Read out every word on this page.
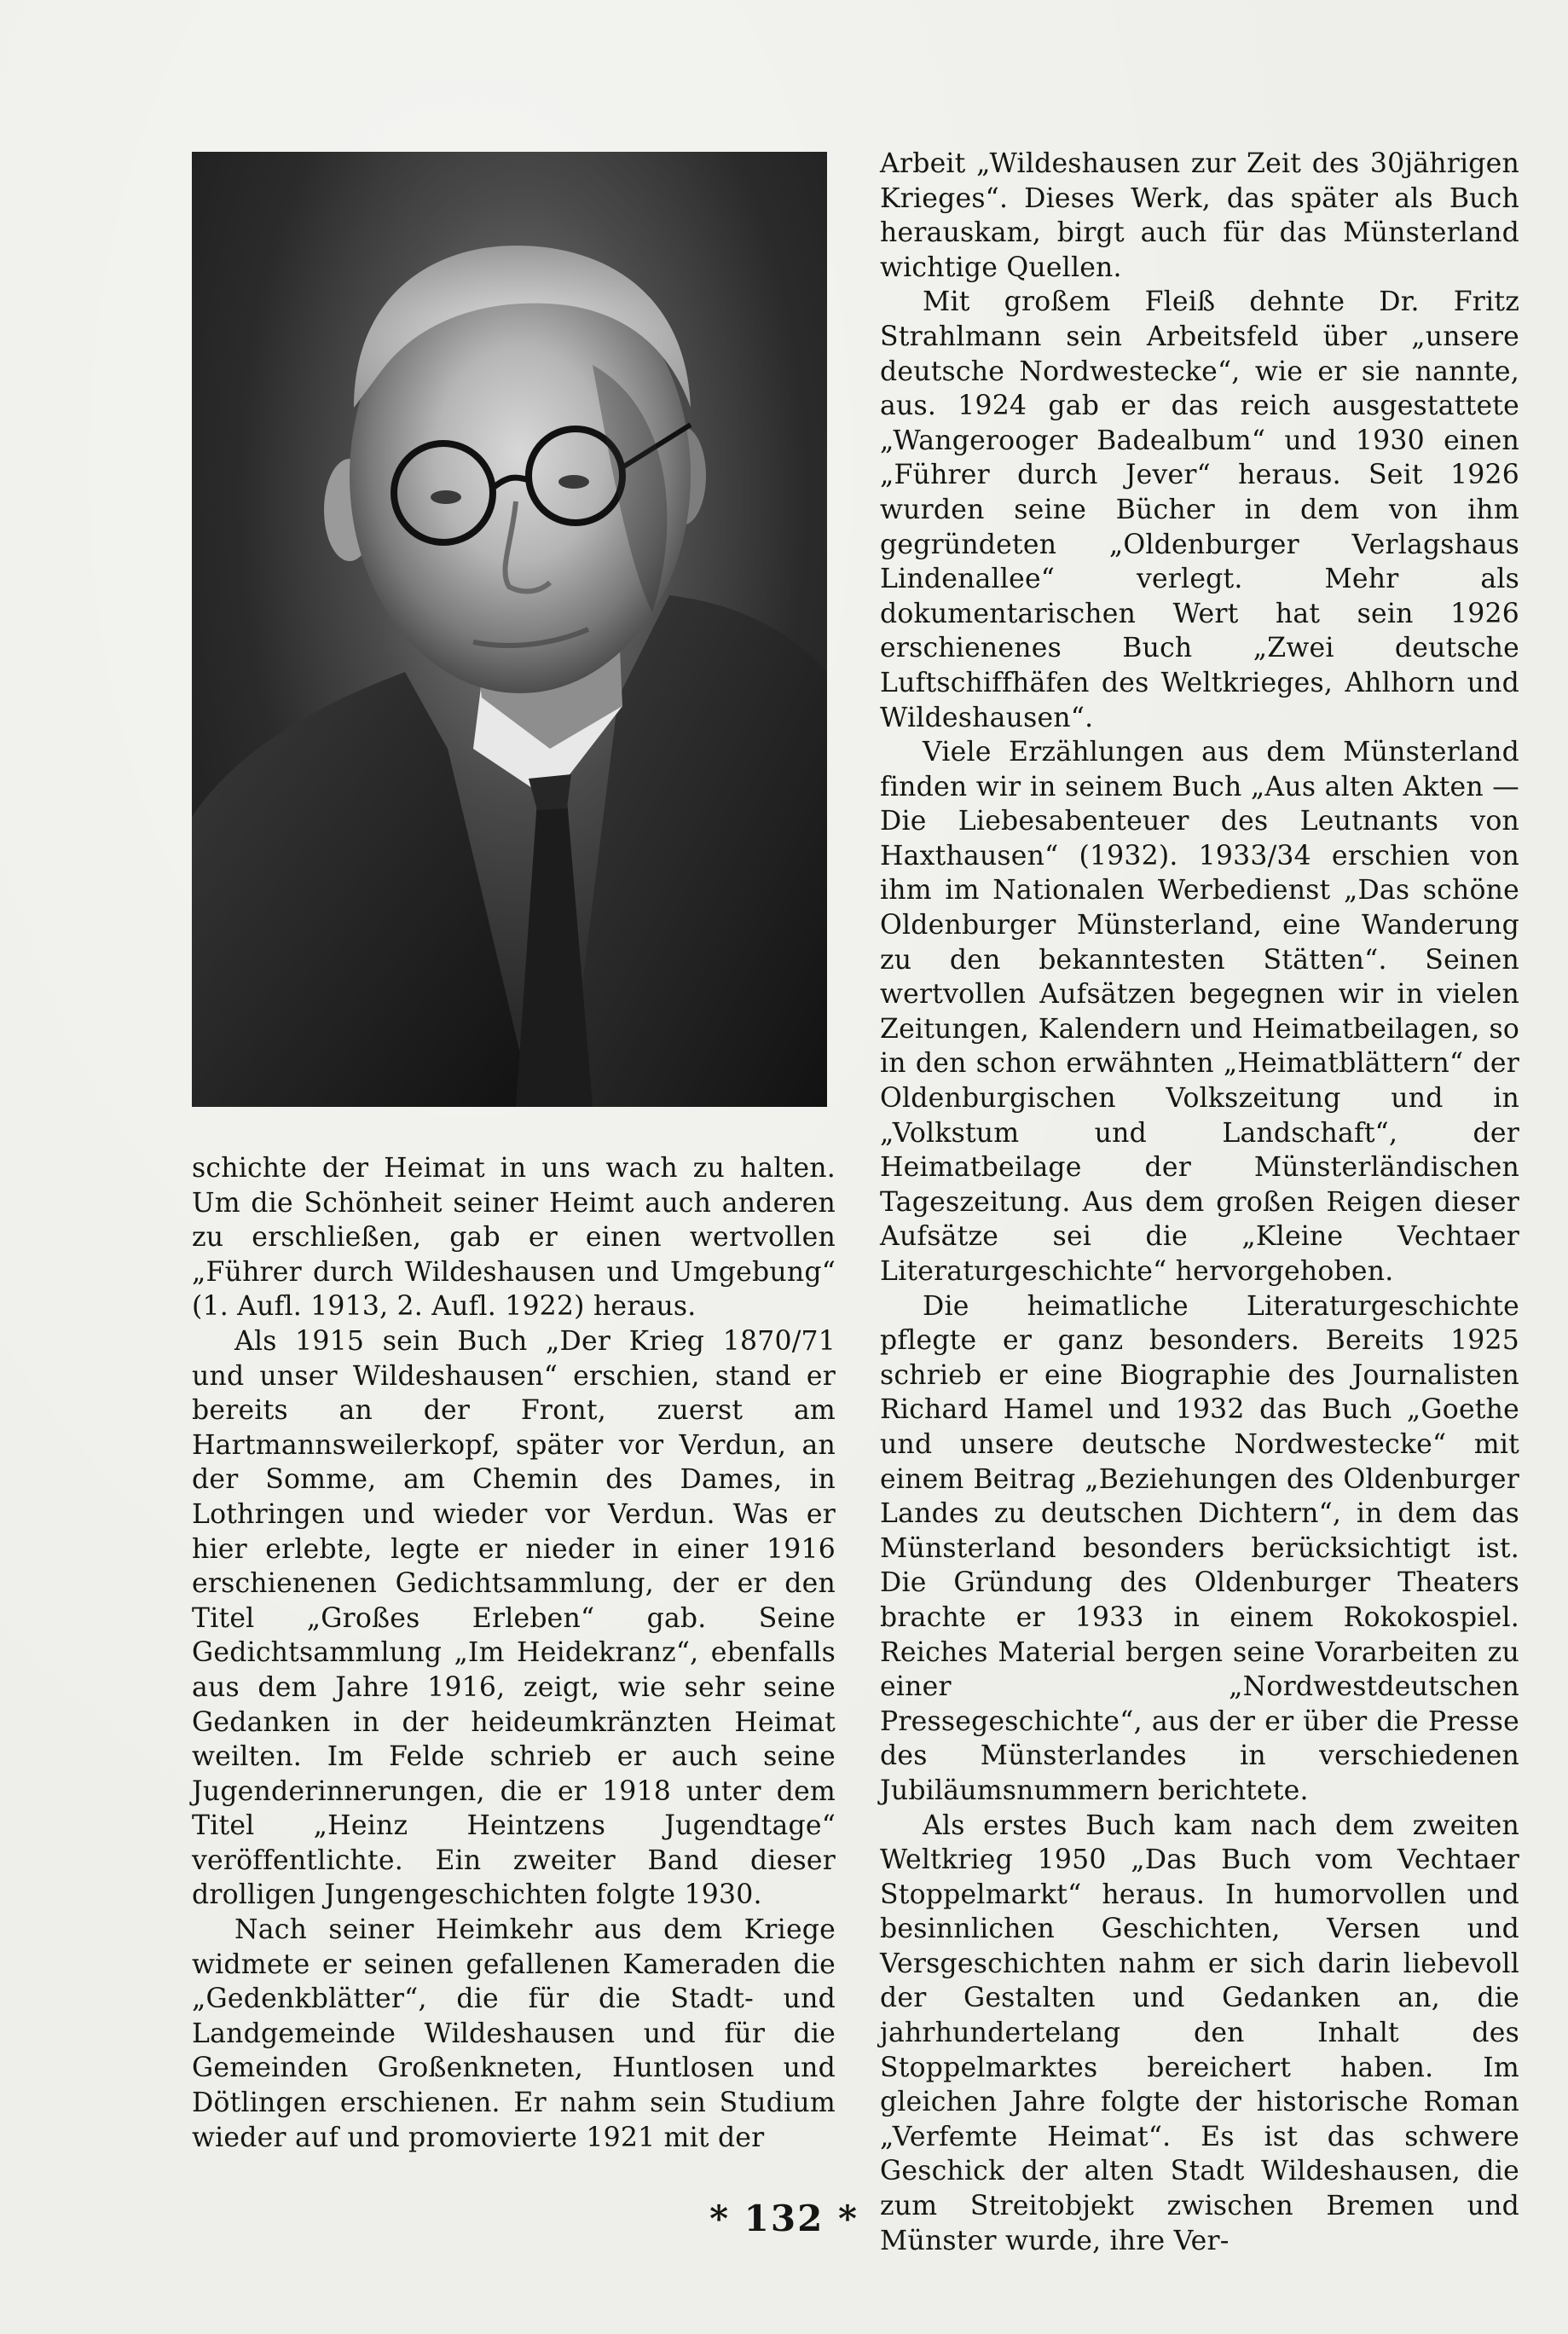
schichte der Heimat in uns wach zu halten. Um die Schönheit seiner Heimt auch anderen zu erschließen, gab er einen wertvollen „Führer durch Wildeshausen und Umgebung“ (1. Aufl. 1913, 2. Aufl. 1922) heraus.

Als 1915 sein Buch „Der Krieg 1870/71 und unser Wildeshausen“ erschien, stand er bereits an der Front, zuerst am Hartmannsweilerkopf, später vor Verdun, an der Somme, am Chemin des Dames, in Lothringen und wieder vor Verdun. Was er hier erlebte, legte er nieder in einer 1916 erschienenen Gedichtsammlung, der er den Titel „Großes Erleben“ gab. Seine Gedichtsammlung „Im Heidekranz“, ebenfalls aus dem Jahre 1916, zeigt, wie sehr seine Gedanken in der heideumkränzten Heimat weilten. Im Felde schrieb er auch seine Jugenderinnerungen, die er 1918 unter dem Titel „Heinz Heintzens Jugendtage“ veröffentlichte. Ein zweiter Band dieser drolligen Jungengeschichten folgte 1930.

Nach seiner Heimkehr aus dem Kriege widmete er seinen gefallenen Kameraden die „Gedenkblätter“, die für die Stadt- und Landgemeinde Wildeshausen und für die Gemeinden Großenkneten, Huntlosen und Dötlingen erschienen. Er nahm sein Studium wieder auf und promovierte 1921 mit der

Arbeit „Wildeshausen zur Zeit des 30jährigen Krieges“. Dieses Werk, das später als Buch herauskam, birgt auch für das Münsterland wichtige Quellen.

Mit großem Fleiß dehnte Dr. Fritz Strahlmann sein Arbeitsfeld über „unsere deutsche Nordwestecke“, wie er sie nannte, aus. 1924 gab er das reich ausgestattete „Wangerooger Badealbum“ und 1930 einen „Führer durch Jever“ heraus. Seit 1926 wurden seine Bücher in dem von ihm gegründeten „Oldenburger Verlagshaus Lindenallee“ verlegt. Mehr als dokumentarischen Wert hat sein 1926 erschienenes Buch „Zwei deutsche Luftschiffhäfen des Weltkrieges, Ahlhorn und Wildeshausen“.

Viele Erzählungen aus dem Münsterland finden wir in seinem Buch „Aus alten Akten — Die Liebesabenteuer des Leutnants von Haxthausen“ (1932). 1933/34 erschien von ihm im Nationalen Werbedienst „Das schöne Oldenburger Münsterland, eine Wanderung zu den bekanntesten Stätten“. Seinen wertvollen Aufsätzen begegnen wir in vielen Zeitungen, Kalendern und Heimatbeilagen, so in den schon erwähnten „Heimatblättern“ der Oldenburgischen Volkszeitung und in „Volkstum und Landschaft“, der Heimatbeilage der Münsterländischen Tageszeitung. Aus dem großen Reigen dieser Aufsätze sei die „Kleine Vechtaer Literaturgeschichte“ hervorgehoben.

Die heimatliche Literaturgeschichte pflegte er ganz besonders. Bereits 1925 schrieb er eine Biographie des Journalisten Richard Hamel und 1932 das Buch „Goethe und unsere deutsche Nordwestecke“ mit einem Beitrag „Beziehungen des Oldenburger Landes zu deutschen Dichtern“, in dem das Münsterland besonders berücksichtigt ist. Die Gründung des Oldenburger Theaters brachte er 1933 in einem Rokokospiel. Reiches Material bergen seine Vorarbeiten zu einer „Nordwestdeutschen Pressegeschichte“, aus der er über die Presse des Münsterlandes in verschiedenen Jubiläumsnummern berichtete.

Als erstes Buch kam nach dem zweiten Weltkrieg 1950 „Das Buch vom Vechtaer Stoppelmarkt“ heraus. In humorvollen und besinnlichen Geschichten, Versen und Versgeschichten nahm er sich darin liebevoll der Gestalten und Gedanken an, die jahrhundertelang den Inhalt des Stoppelmarktes bereichert haben. Im gleichen Jahre folgte der historische Roman „Verfemte Heimat“. Es ist das schwere Geschick der alten Stadt Wildeshausen, die zum Streitobjekt zwischen Bremen und Münster wurde, ihre Ver-

* 132 *
